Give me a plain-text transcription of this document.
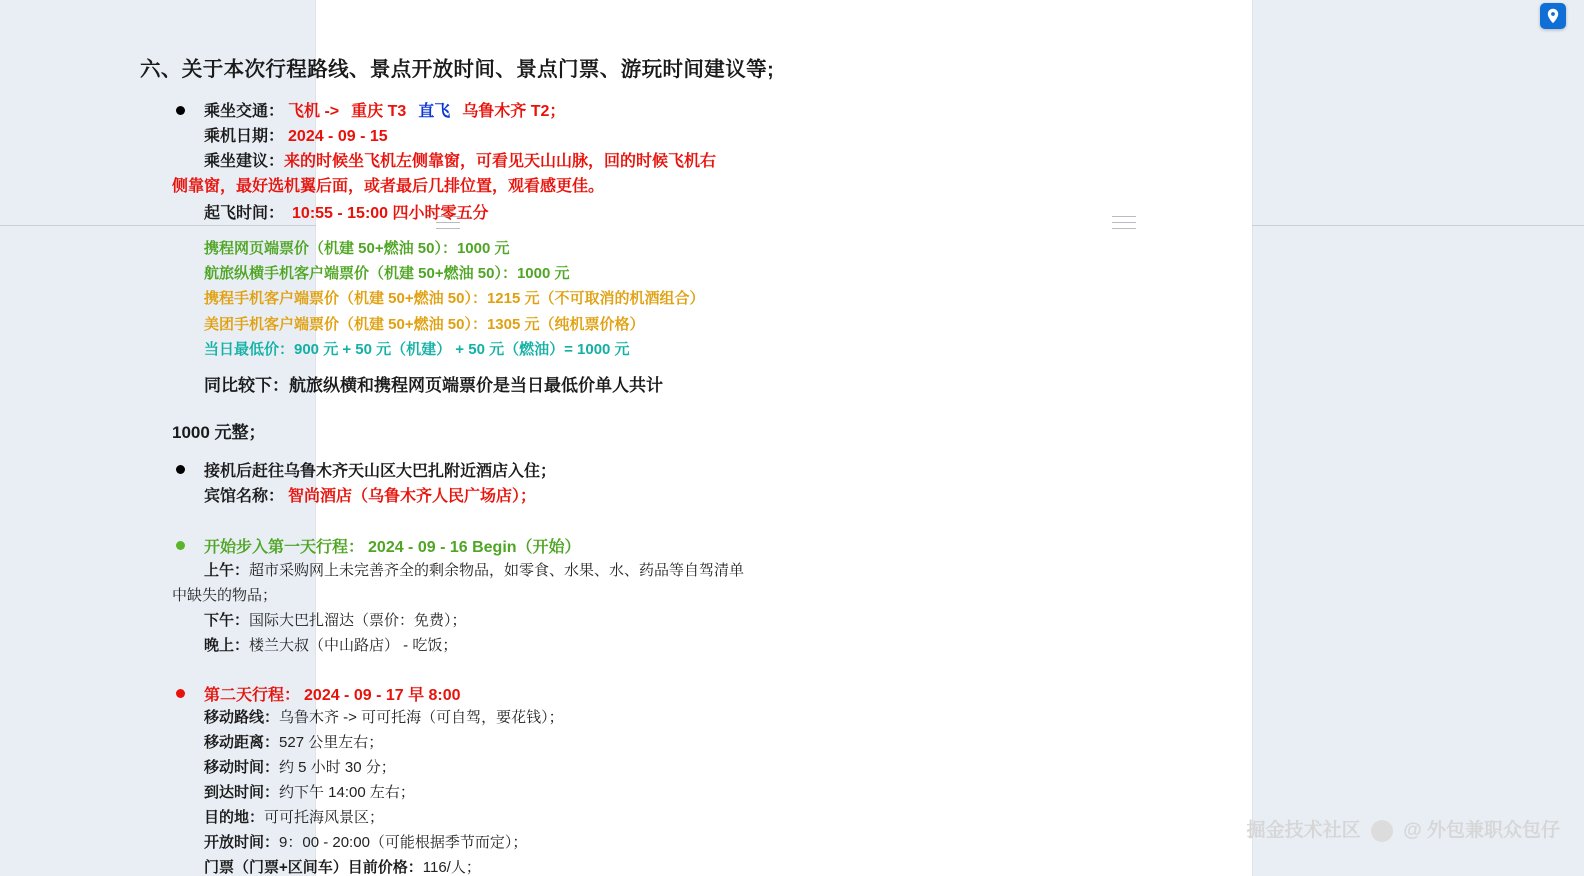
六、关于本次行程路线、景点开放时间、景点门票、游玩时间建议等;
乘坐交通： 飞机 -> 重庆 T3 直飞 乌鲁木齐 T2；
乘机日期： 2024 - 09 - 15
乘坐建议：来的时候坐飞机左侧靠窗，可看见天山山脉，回的时候飞机右
侧靠窗，最好选机翼后面，或者最后几排位置，观看感更佳。
起飞时间： 10:55 - 15:00 四小时零五分
携程网页端票价（机建 50+燃油 50）：1000 元
航旅纵横手机客户端票价（机建 50+燃油 50）：1000 元
携程手机客户端票价（机建 50+燃油 50）：1215 元（不可取消的机酒组合）
美团手机客户端票价（机建 50+燃油 50）：1305 元（纯机票价格）
当日最低价：900 元 + 50 元（机建） + 50 元（燃油）= 1000 元
同比较下：航旅纵横和携程网页端票价是当日最低价单人共计
1000 元整；
接机后赶往乌鲁木齐天山区大巴扎附近酒店入住；
宾馆名称： 智尚酒店（乌鲁木齐人民广场店）；
开始步入第一天行程： 2024 - 09 - 16 Begin（开始）
上午：超市采购网上未完善齐全的剩余物品，如零食、水果、水、药品等自驾清单
中缺失的物品；
下午：国际大巴扎溜达（票价：免费）；
晚上：楼兰大叔（中山路店） - 吃饭；
第二天行程： 2024 - 09 - 17 早 8:00
移动路线：乌鲁木齐 -> 可可托海（可自驾，要花钱）；
移动距离：527 公里左右；
移动时间：约 5 小时 30 分；
到达时间：约下午 14:00 左右；
目的地：可可托海风景区；
开放时间：9：00 - 20:00（可能根据季节而定）；
门票（门票+区间车）目前价格：116/人；
掘金技术社区 @ 外包兼职众包仔
